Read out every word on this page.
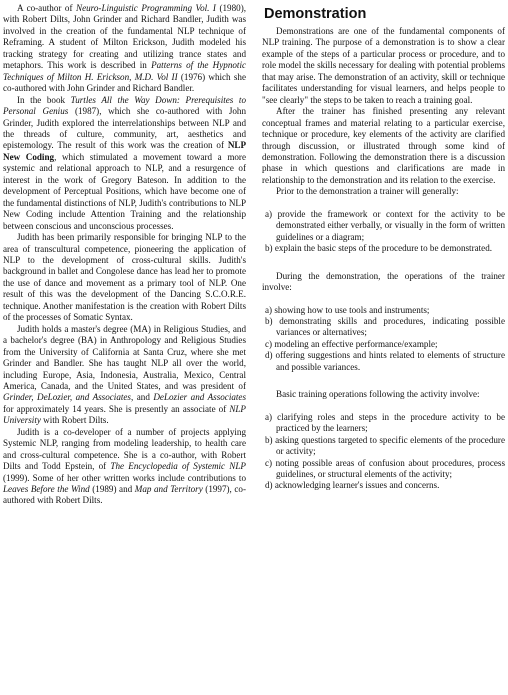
A co-author of Neuro-Linguistic Programming Vol. I (1980), with Robert Dilts, John Grinder and Richard Bandler, Judith was involved in the creation of the fundamental NLP technique of Reframing. A student of Milton Erickson, Judith modeled his tracking strategy for creating and utilizing trance states and metaphors. This work is described in Patterns of the Hypnotic Techniques of Milton H. Erickson, M.D. Vol II (1976) which she co-authored with John Grinder and Richard Bandler.

In the book Turtles All the Way Down: Prerequisites to Personal Genius (1987), which she co-authored with John Grinder, Judith explored the interrelationships between NLP and the threads of culture, community, art, aesthetics and epistemology. The result of this work was the creation of NLP New Coding, which stimulated a movement toward a more systemic and relational approach to NLP, and a resurgence of interest in the work of Gregory Bateson. In addition to the development of Perceptual Positions, which have become one of the fundamental distinctions of NLP, Judith's contributions to NLP New Coding include Attention Training and the relationship between conscious and unconscious processes.

Judith has been primarily responsible for bringing NLP to the area of transcultural competence, pioneering the application of NLP to the development of cross-cultural skills. Judith's background in ballet and Congolese dance has lead her to promote the use of dance and movement as a primary tool of NLP. One result of this was the development of the Dancing S.C.O.R.E. technique. Another manifestation is the creation with Robert Dilts of the processes of Somatic Syntax.

Judith holds a master's degree (MA) in Religious Studies, and a bachelor's degree (BA) in Anthropology and Religious Studies from the University of California at Santa Cruz, where she met Grinder and Bandler. She has taught NLP all over the world, including Europe, Asia, Indonesia, Australia, Mexico, Central America, Canada, and the United States, and was president of Grinder, DeLozier, and Associates, and DeLozier and Associates for approximately 14 years. She is presently an associate of NLP University with Robert Dilts.

Judith is a co-developer of a number of projects applying Systemic NLP, ranging from modeling leadership, to health care and cross-cultural competence. She is a co-author, with Robert Dilts and Todd Epstein, of The Encyclopedia of Systemic NLP (1999). Some of her other written works include contributions to Leaves Before the Wind (1989) and Map and Territory (1997), co-authored with Robert Dilts.

Demonstration

Demonstrations are one of the fundamental components of NLP training. The purpose of a demonstration is to show a clear example of the steps of a particular process or procedure, and to role model the skills necessary for dealing with potential problems that may arise. The demonstration of an activity, skill or technique facilitates understanding for visual learners, and helps people to "see clearly" the steps to be taken to reach a training goal.

After the trainer has finished presenting any relevant conceptual frames and material relating to a particular exercise, technique or procedure, key elements of the activity are clarified through discussion, or illustrated through some kind of demonstration. Following the demonstration there is a discussion phase in which questions and clarifications are made in relationship to the demonstration and its relation to the exercise.

Prior to the demonstration a trainer will generally:

a) provide the framework or context for the activity to be demonstrated either verbally, or visually in the form of written guidelines or a diagram;
b) explain the basic steps of the procedure to be demonstrated.

During the demonstration, the operations of the trainer involve:

a) showing how to use tools and instruments;
b) demonstrating skills and procedures, indicating possible variances or alternatives;
c) modeling an effective performance/example;
d) offering suggestions and hints related to elements of structure and possible variances.

Basic training operations following the activity involve:

a) clarifying roles and steps in the procedure activity to be practiced by the learners;
b) asking questions targeted to specific elements of the procedure or activity;
c) noting possible areas of confusion about procedures, process guidelines, or structural elements of the activity;
d) acknowledging learner's issues and concerns.
